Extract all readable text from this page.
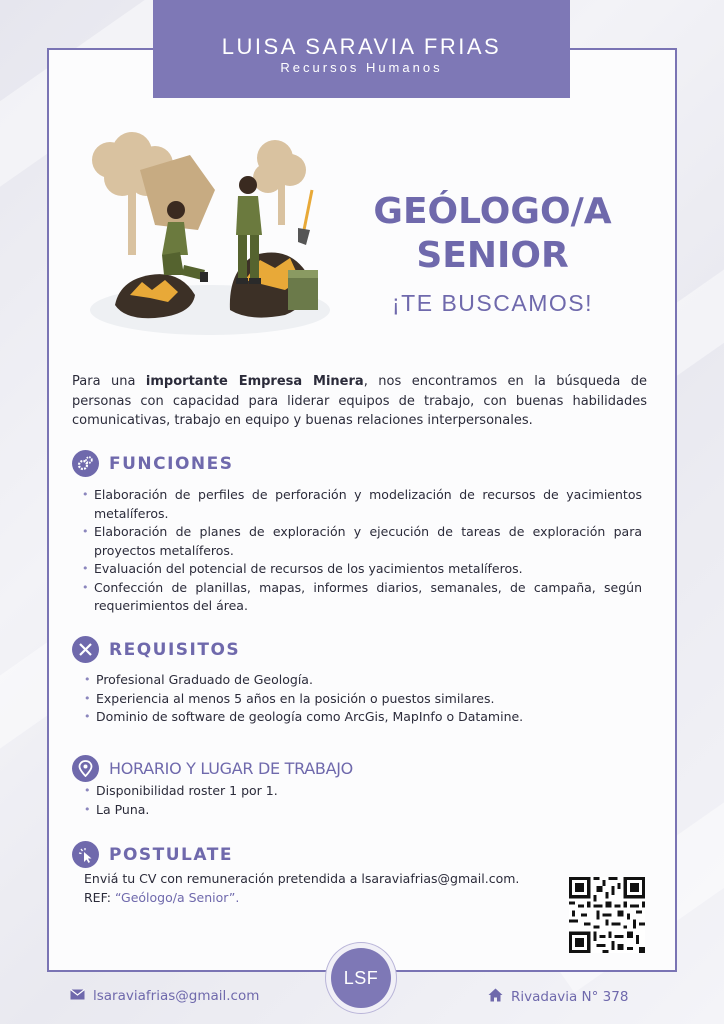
LUISA SARAVIA FRIAS
Recursos Humanos
GEÓLOGO/A
SENIOR
¡TE BUSCAMOS!
Para una importante Empresa Minera, nos encontramos en la búsqueda de personas con capacidad para liderar equipos de trabajo, con buenas habilidades comunicativas, trabajo en equipo y buenas relaciones interpersonales.
FUNCIONES
• Elaboración de perfiles de perforación y modelización de recursos de yacimientos metalíferos.
• Elaboración de planes de exploración y ejecución de tareas de exploración para proyectos metalíferos.
• Evaluación del potencial de recursos de los yacimientos metalíferos.
• Confección de planillas, mapas, informes diarios, semanales, de campaña, según requerimientos del área.
REQUISITOS
• Profesional Graduado de Geología.
• Experiencia al menos 5 años en la posición o puestos similares.
• Dominio de software de geología como ArcGis, MapInfo o Datamine.
HORARIO Y LUGAR DE TRABAJO
• Disponibilidad roster 1 por 1.
• La Puna.
POSTULATE
Enviá tu CV con remuneración pretendida a lsaraviafrias@gmail.com.
REF: “Geólogo/a Senior”.
LSF
lsaraviafrias@gmail.com	Rivadavia N° 378
